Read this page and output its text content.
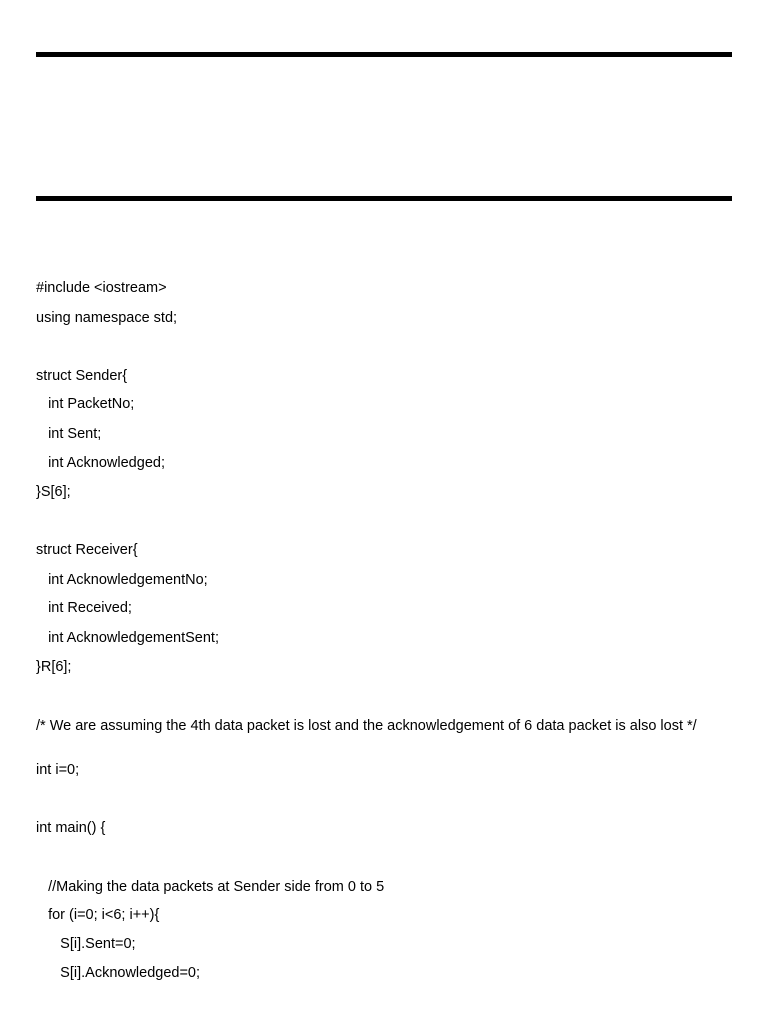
#include <iostream>
using namespace std;
struct Sender{
int PacketNo;
int Sent;
int Acknowledged;
}S[6];
struct Receiver{
int AcknowledgementNo;
int Received;
int AcknowledgementSent;
}R[6];
/* We are assuming the 4th data packet is lost and the acknowledgement of 6 data packet is also lost */
int i=0;
int main() {
//Making the data packets at Sender side from 0 to 5
for (i=0; i<6; i++){
S[i].Sent=0;
S[i].Acknowledged=0;
